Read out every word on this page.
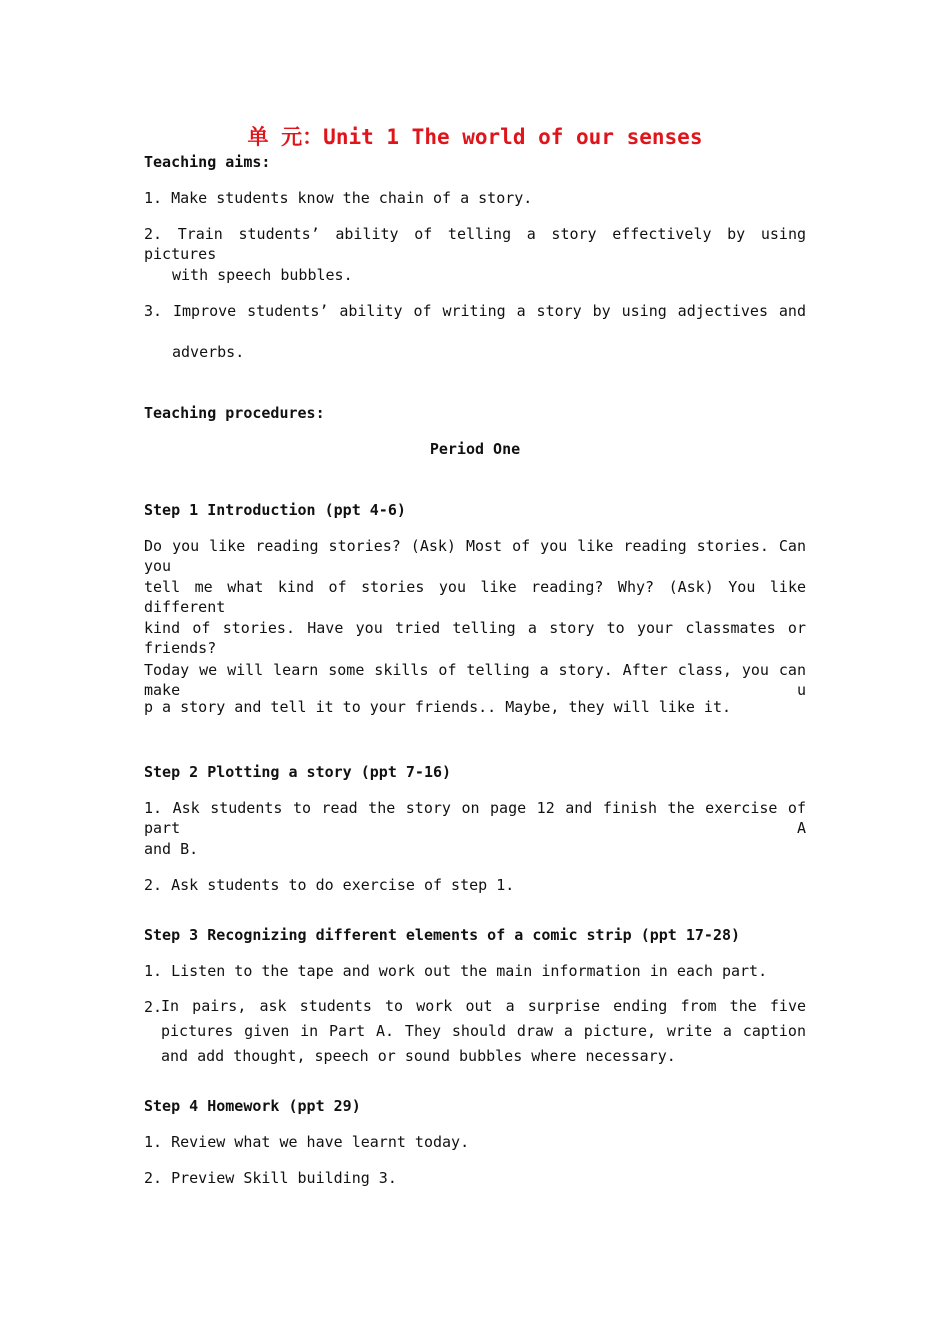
单 元：Unit 1 The world of our senses
Teaching aims:
1. Make students know the chain of a story.
2. Train students’ ability of telling a story effectively by using pictures
with speech bubbles.
3. Improve students’ ability of writing a story by using adjectives and
adverbs.
Teaching procedures:
Period One
Step 1 Introduction (ppt 4-6)
Do you like reading stories? (Ask) Most of you like reading stories. Can you
tell me what kind of stories you like reading? Why? (Ask) You like different
kind of stories. Have you tried telling a story to your classmates or friends?
Today we will learn some skills of telling a story. After class, you can make u
p a story and tell it to your friends.. Maybe, they will like it.
Step 2 Plotting a story (ppt 7-16)
1. Ask students to read the story on page 12 and finish the exercise of part A
and B.
2. Ask students to do exercise of step 1.
Step 3 Recognizing different elements of a comic strip (ppt 17-28)
1. Listen to the tape and work out the main information in each part.
2.
In pairs, ask students to work out a surprise ending from the five pictures given in Part A. They should draw a picture, write a caption and add thought, speech or sound bubbles where necessary.
Step 4 Homework (ppt 29)
1. Review what we have learnt today.
2. Preview Skill building 3.
